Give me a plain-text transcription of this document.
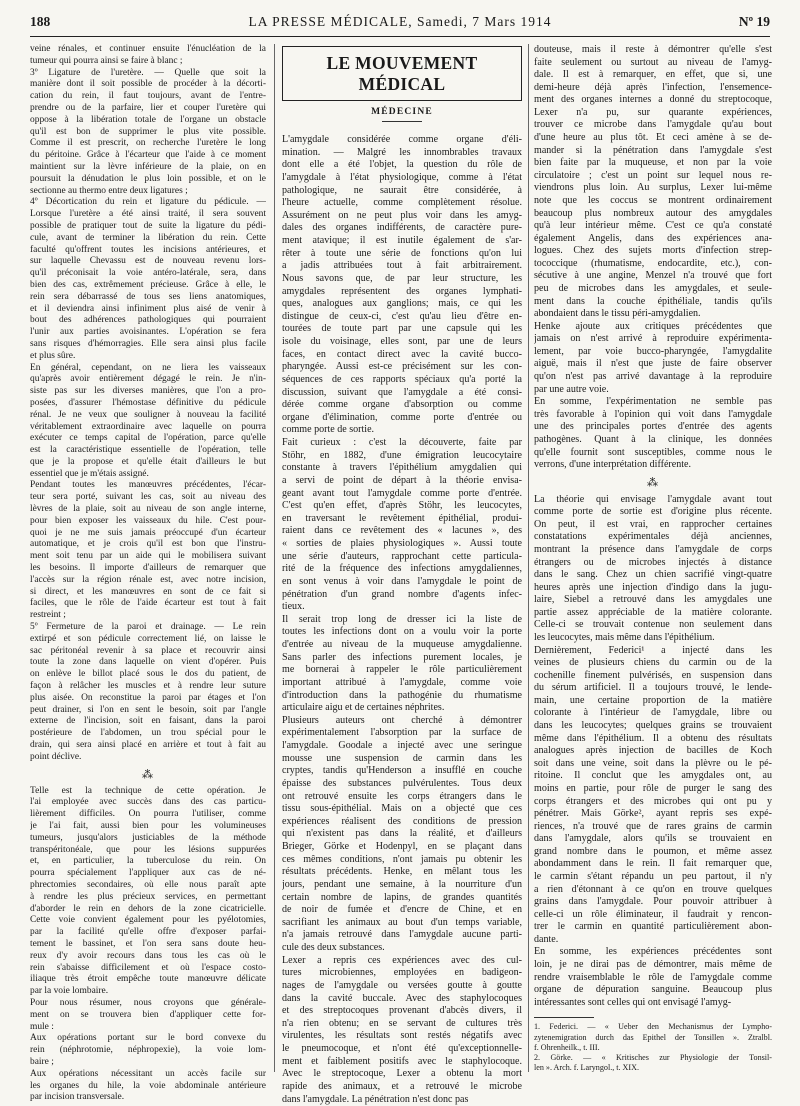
188	LA PRESSE MÉDICALE, Samedi, 7 Mars 1914	Nº 19
veine rénales, et continuer ensuite l'énucléation de la
tumeur qui pourra ainsi se faire à blanc ;
3º Ligature de l'uretère. — Quelle que soit la
manière dont il soit possible de procéder à la décorti-
cation du rein, il faut toujours, avant de l'entre-
prendre ou de la parfaire, lier et couper l'uretère qui
oppose à la libération totale de l'organe un obstacle
qu'il est bon de supprimer le plus vite possible.
Comme il est prescrit, on recherche l'uretère le long
du péritoine. Grâce à l'écarteur que l'aide à ce moment
maintient sur la lèvre inférieure de la plaie, on en
poursuit la dénudation le plus loin possible, et on le
sectionne au thermo entre deux ligatures ;
4º Décortication du rein et ligature du pédicule. —
Lorsque l'uretère a été ainsi traité, il sera souvent
possible de pratiquer tout de suite la ligature du pédi-
cule, avant de terminer la libération du rein. Cette
faculté qu'offrent toutes les incisions antérieures, et
sur laquelle Chevassu est de nouveau revenu lors-
qu'il préconisait la voie antéro-latérale, sera, dans
bien des cas, extrêmement précieuse. Grâce à elle, le
rein sera débarrassé de tous ses liens anatomiques,
et il deviendra ainsi infiniment plus aisé de venir à
bout des adhérences pathologiques qui pourraient
l'unir aux parties avoisinantes. L'opération se fera
sans risques d'hémorragies. Elle sera ainsi plus facile
et plus sûre.
En général, cependant, on ne liera les vaisseaux
qu'après avoir entièrement dégagé le rein. Je n'in-
siste pas sur les diverses manières, que l'on a pro-
posées, d'assurer l'hémostase définitive du pédicule
rénal. Je ne veux que souligner à nouveau la facilité
véritablement extraordinaire avec laquelle on pourra
exécuter ce temps capital de l'opération, parce qu'elle
est la caractéristique essentielle de l'opération, telle
que je la propose et qu'elle était d'ailleurs le but
essentiel que je m'étais assigné.
Pendant toutes les manœuvres précédentes, l'écar-
teur sera porté, suivant les cas, soit au niveau des
lèvres de la plaie, soit au niveau de son angle interne,
pour bien exposer les vaisseaux du hile. C'est pour-
quoi je ne me suis jamais préoccupé d'un écarteur
automatique, et je crois qu'il est bon que l'instru-
ment soit tenu par un aide qui le mobilisera suivant
les besoins. Il importe d'ailleurs de remarquer que
l'accès sur la région rénale est, avec notre incision,
si direct, et les manœuvres en sont de ce fait si
faciles, que le rôle de l'aide écarteur est tout à fait
restreint ;
5º Fermeture de la paroi et drainage. — Le rein
extirpé et son pédicule correctement lié, on laisse le
sac péritonéal revenir à sa place et recouvrir ainsi
toute la zone dans laquelle on vient d'opérer. Puis
on enlève le billot placé sous le dos du patient, de
façon à relâcher les muscles et à rendre leur suture
plus aisée. On reconstitue la paroi par étages et l'on
peut drainer, si l'on en sent le besoin, soit par l'angle
externe de l'incision, soit en faisant, dans la paroi
postérieure de l'abdomen, un trou spécial pour le
drain, qui sera ainsi placé en arrière et tout à fait au
point déclive.
⁂
Telle est la technique de cette opération. Je
l'ai employée avec succès dans des cas particu-
lièrement difficiles. On pourra l'utiliser, comme
je l'ai fait, aussi bien pour les volumineuses
tumeurs, jusqu'alors justiciables de la méthode
transpéritonéale, que pour les lésions suppurées
et, en particulier, la tuberculose du rein. On
pourra spécialement l'appliquer aux cas de né-
phrectomies secondaires, où elle nous paraît apte
à rendre les plus précieux services, en permettant
d'aborder le rein en dehors de la zone cicatricielle.
Cette voie convient également pour les pyélotomies,
par la facilité qu'elle offre d'exposer parfai-
tement le bassinet, et l'on sera sans doute heu-
reux d'y avoir recours dans tous les cas où le
rein s'abaisse difficilement et où l'espace costo-
iliaque très étroit empêche toute manœuvre délicate
par la voie lombaire.
Pour nous résumer, nous croyons que générale-
ment on se trouvera bien d'appliquer cette for-
mule :
Aux opérations portant sur le bord convexe du
rein (néphrotomie, néphropexie), la voie lom-
baire ;
Aux opérations nécessitant un accès facile sur
les organes du hile, la voie abdominale antérieure
par incision transversale.
LE MOUVEMENT MÉDICAL
MÉDECINE
L'amygdale considérée comme organe d'éli-
mination. — Malgré les innombrables travaux
dont elle a été l'objet, la question du rôle de
l'amygdale à l'état physiologique, comme à l'état
pathologique, ne saurait être considérée, à
l'heure actuelle, comme complètement résolue.
Assurément on ne peut plus voir dans les amyg-
dales des organes indifférents, de caractère pure-
ment atavique; il est inutile également de s'ar-
rêter à toute une série de fonctions qu'on lui
a jadis attribuées tout à fait arbitrairement.
Nous savons que, de par leur structure, les
amygdales représentent des organes lymphati-
ques, analogues aux ganglions; mais, ce qui les
distingue de ceux-ci, c'est qu'au lieu d'être en-
tourées de toute part par une capsule qui les
isole du voisinage, elles sont, par une de leurs
faces, en contact direct avec la cavité bucco-
pharyngée. Aussi est-ce précisément sur les con-
séquences de ces rapports spéciaux qu'a porté la
discussion, suivant que l'amygdale a été consi-
dérée comme organe d'absorption ou comme
organe d'élimination, comme porte d'entrée ou
comme porte de sortie.
Fait curieux : c'est la découverte, faite par
Stöhr, en 1882, d'une émigration leucocytaire
constante à travers l'épithélium amygdalien qui
a servi de point de départ à la théorie envisa-
geant avant tout l'amygdale comme porte d'entrée.
C'est qu'en effet, d'après Stöhr, les leucocytes,
en traversant le revêtement épithélial, produi-
raient dans ce revêtement des « lacunes », des
« sorties de plaies physiologiques ». Aussi toute
une série d'auteurs, rapprochant cette particula-
rité de la fréquence des infections amygdaliennes,
en sont venus à voir dans l'amygdale le point de
pénétration d'un grand nombre d'agents infec-
tieux.
Il serait trop long de dresser ici la liste de
toutes les infections dont on a voulu voir la porte
d'entrée au niveau de la muqueuse amygdalienne.
Sans parler des infections purement locales, je
me bornerai à rappeler le rôle particulièrement
important attribué à l'amygdale, comme voie
d'introduction dans la pathogénie du rhumatisme
articulaire aigu et de certaines néphrites.
Plusieurs auteurs ont cherché à démontrer
expérimentalement l'absorption par la surface de
l'amygdale. Goodale a injecté avec une seringue
mousse une suspension de carmin dans les
cryptes, tandis qu'Henderson a insufflé en couche
épaisse des substances pulvérulentes. Tous deux
ont retrouvé ensuite les corps étrangers dans le
tissu sous-épithélial. Mais on a objecté que ces
expériences réalisent des conditions de pression
qui n'existent pas dans la réalité, et d'ailleurs
Brieger, Görke et Hodenpyl, en se plaçant dans
ces mêmes conditions, n'ont jamais pu obtenir les
résultats précédents. Henke, en mêlant tous les
jours, pendant une semaine, à la nourriture d'un
certain nombre de lapins, de grandes quantités
de noir de fumée et d'encre de Chine, et en
sacrifiant les animaux au bout d'un temps variable,
n'a jamais retrouvé dans l'amygdale aucune parti-
cule des deux substances.
Lexer a repris ces expériences avec des cul-
tures microbiennes, employées en badigeon-
nages de l'amygdale ou versées goutte à goutte
dans la cavité buccale. Avec des staphylocoques
et des streptocoques provenant d'abcès divers, il
n'a rien obtenu; en se servant de cultures très
virulentes, les résultats sont restés négatifs avec
le pneumocoque, et n'ont été qu'exceptionnelle-
ment et faiblement positifs avec le staphylocoque.
Avec le streptocoque, Lexer a obtenu la mort
rapide des animaux, et a retrouvé le microbe
dans l'amygdale. La pénétration n'est donc pas
douteuse, mais il reste à démontrer qu'elle s'est
faite seulement ou surtout au niveau de l'amyg-
dale. Il est à remarquer, en effet, que si, une
demi-heure déjà après l'infection, l'ensemence-
ment des organes internes a donné du streptocoque,
Lexer n'a pu, sur quarante expériences,
trouver ce microbe dans l'amygdale qu'au bout
d'une heure au plus tôt. Et ceci amène à se de-
mander si la pénétration dans l'amygdale s'est
bien faite par la muqueuse, et non par la voie
circulatoire ; c'est un point sur lequel nous re-
viendrons plus loin. Au surplus, Lexer lui-même
note que les coccus se montrent ordinairement
beaucoup plus nombreux autour des amygdales
qu'à leur intérieur même. C'est ce qu'a constaté
également Angelis, dans des expériences ana-
logues. Chez des sujets morts d'infection strep-
tococcique (rhumatisme, endocardite, etc.), con-
sécutive à une angine, Menzel n'a trouvé que fort
peu de microbes dans les amygdales, et seule-
ment dans la couche épithéliale, tandis qu'ils
abondaient dans le tissu péri-amygdalien.
Henke ajoute aux critiques précédentes que
jamais on n'est arrivé à reproduire expérimenta-
lement, par voie bucco-pharyngée, l'amygdalite
aiguë, mais il n'est que juste de faire observer
qu'on n'est pas arrivé davantage à la reproduire
par une autre voie.
En somme, l'expérimentation ne semble pas
très favorable à l'opinion qui voit dans l'amygdale
une des principales portes d'entrée des agents
pathogènes. Quant à la clinique, les données
qu'elle fournit sont susceptibles, comme nous le
verrons, d'une interprétation différente.
⁂
La théorie qui envisage l'amygdale avant tout
comme porte de sortie est d'origine plus récente.
On peut, il est vrai, en rapprocher certaines
constatations expérimentales déjà anciennes,
montrant la présence dans l'amygdale de corps
étrangers ou de microbes injectés à distance
dans le sang. Chez un chien sacrifié vingt-quatre
heures après une injection d'indigo dans la jugu-
laire, Siebel a retrouvé dans les amygdales une
partie assez appréciable de la matière colorante.
Celle-ci se trouvait contenue non seulement dans
les leucocytes, mais même dans l'épithélium.
Dernièrement, Federici¹ a injecté dans les
veines de plusieurs chiens du carmin ou de la
cochenille finement pulvérisés, en suspension dans
du sérum artificiel. Il a toujours trouvé, le lende-
main, une certaine proportion de la matière
colorante à l'intérieur de l'amygdale, libre ou
dans les leucocytes; quelques grains se trouvaient
même dans l'épithélium. Il a obtenu des résultats
analogues après injection de bacilles de Koch
soit dans une veine, soit dans la plèvre ou le pé-
ritoine. Il conclut que les amygdales ont, au
moins en partie, pour rôle de purger le sang des
corps étrangers et des microbes qui ont pu y
pénétrer. Mais Görke², ayant repris ses expé-
riences, n'a trouvé que de rares grains de carmin
dans l'amygdale, alors qu'ils se trouvaient en
grand nombre dans le poumon, et même assez
abondamment dans le rein. Il fait remarquer que,
le carmin s'étant répandu un peu partout, il n'y
a rien d'étonnant à ce qu'on en trouve quelques
grains dans l'amygdale. Pour pouvoir attribuer à
celle-ci un rôle éliminateur, il faudrait y rencon-
trer le carmin en quantité particulièrement abon-
dante.
En somme, les expériences précédentes sont
loin, je ne dirai pas de démontrer, mais même de
rendre vraisemblable le rôle de l'amygdale comme
organe de dépuration sanguine. Beaucoup plus
intéressantes sont celles qui ont envisagé l'amyg-
1. Federici. — « Ueber den Mechanismus der Lympho-
zytenemigration durch das Epithel der Tonsillen ». Ztralbl.
f. Ohrenheilk., t. III.
2. Görke. — « Kritisches zur Physiologie der Tonsil-
len ». Arch. f. Laryngol., t. XIX.
